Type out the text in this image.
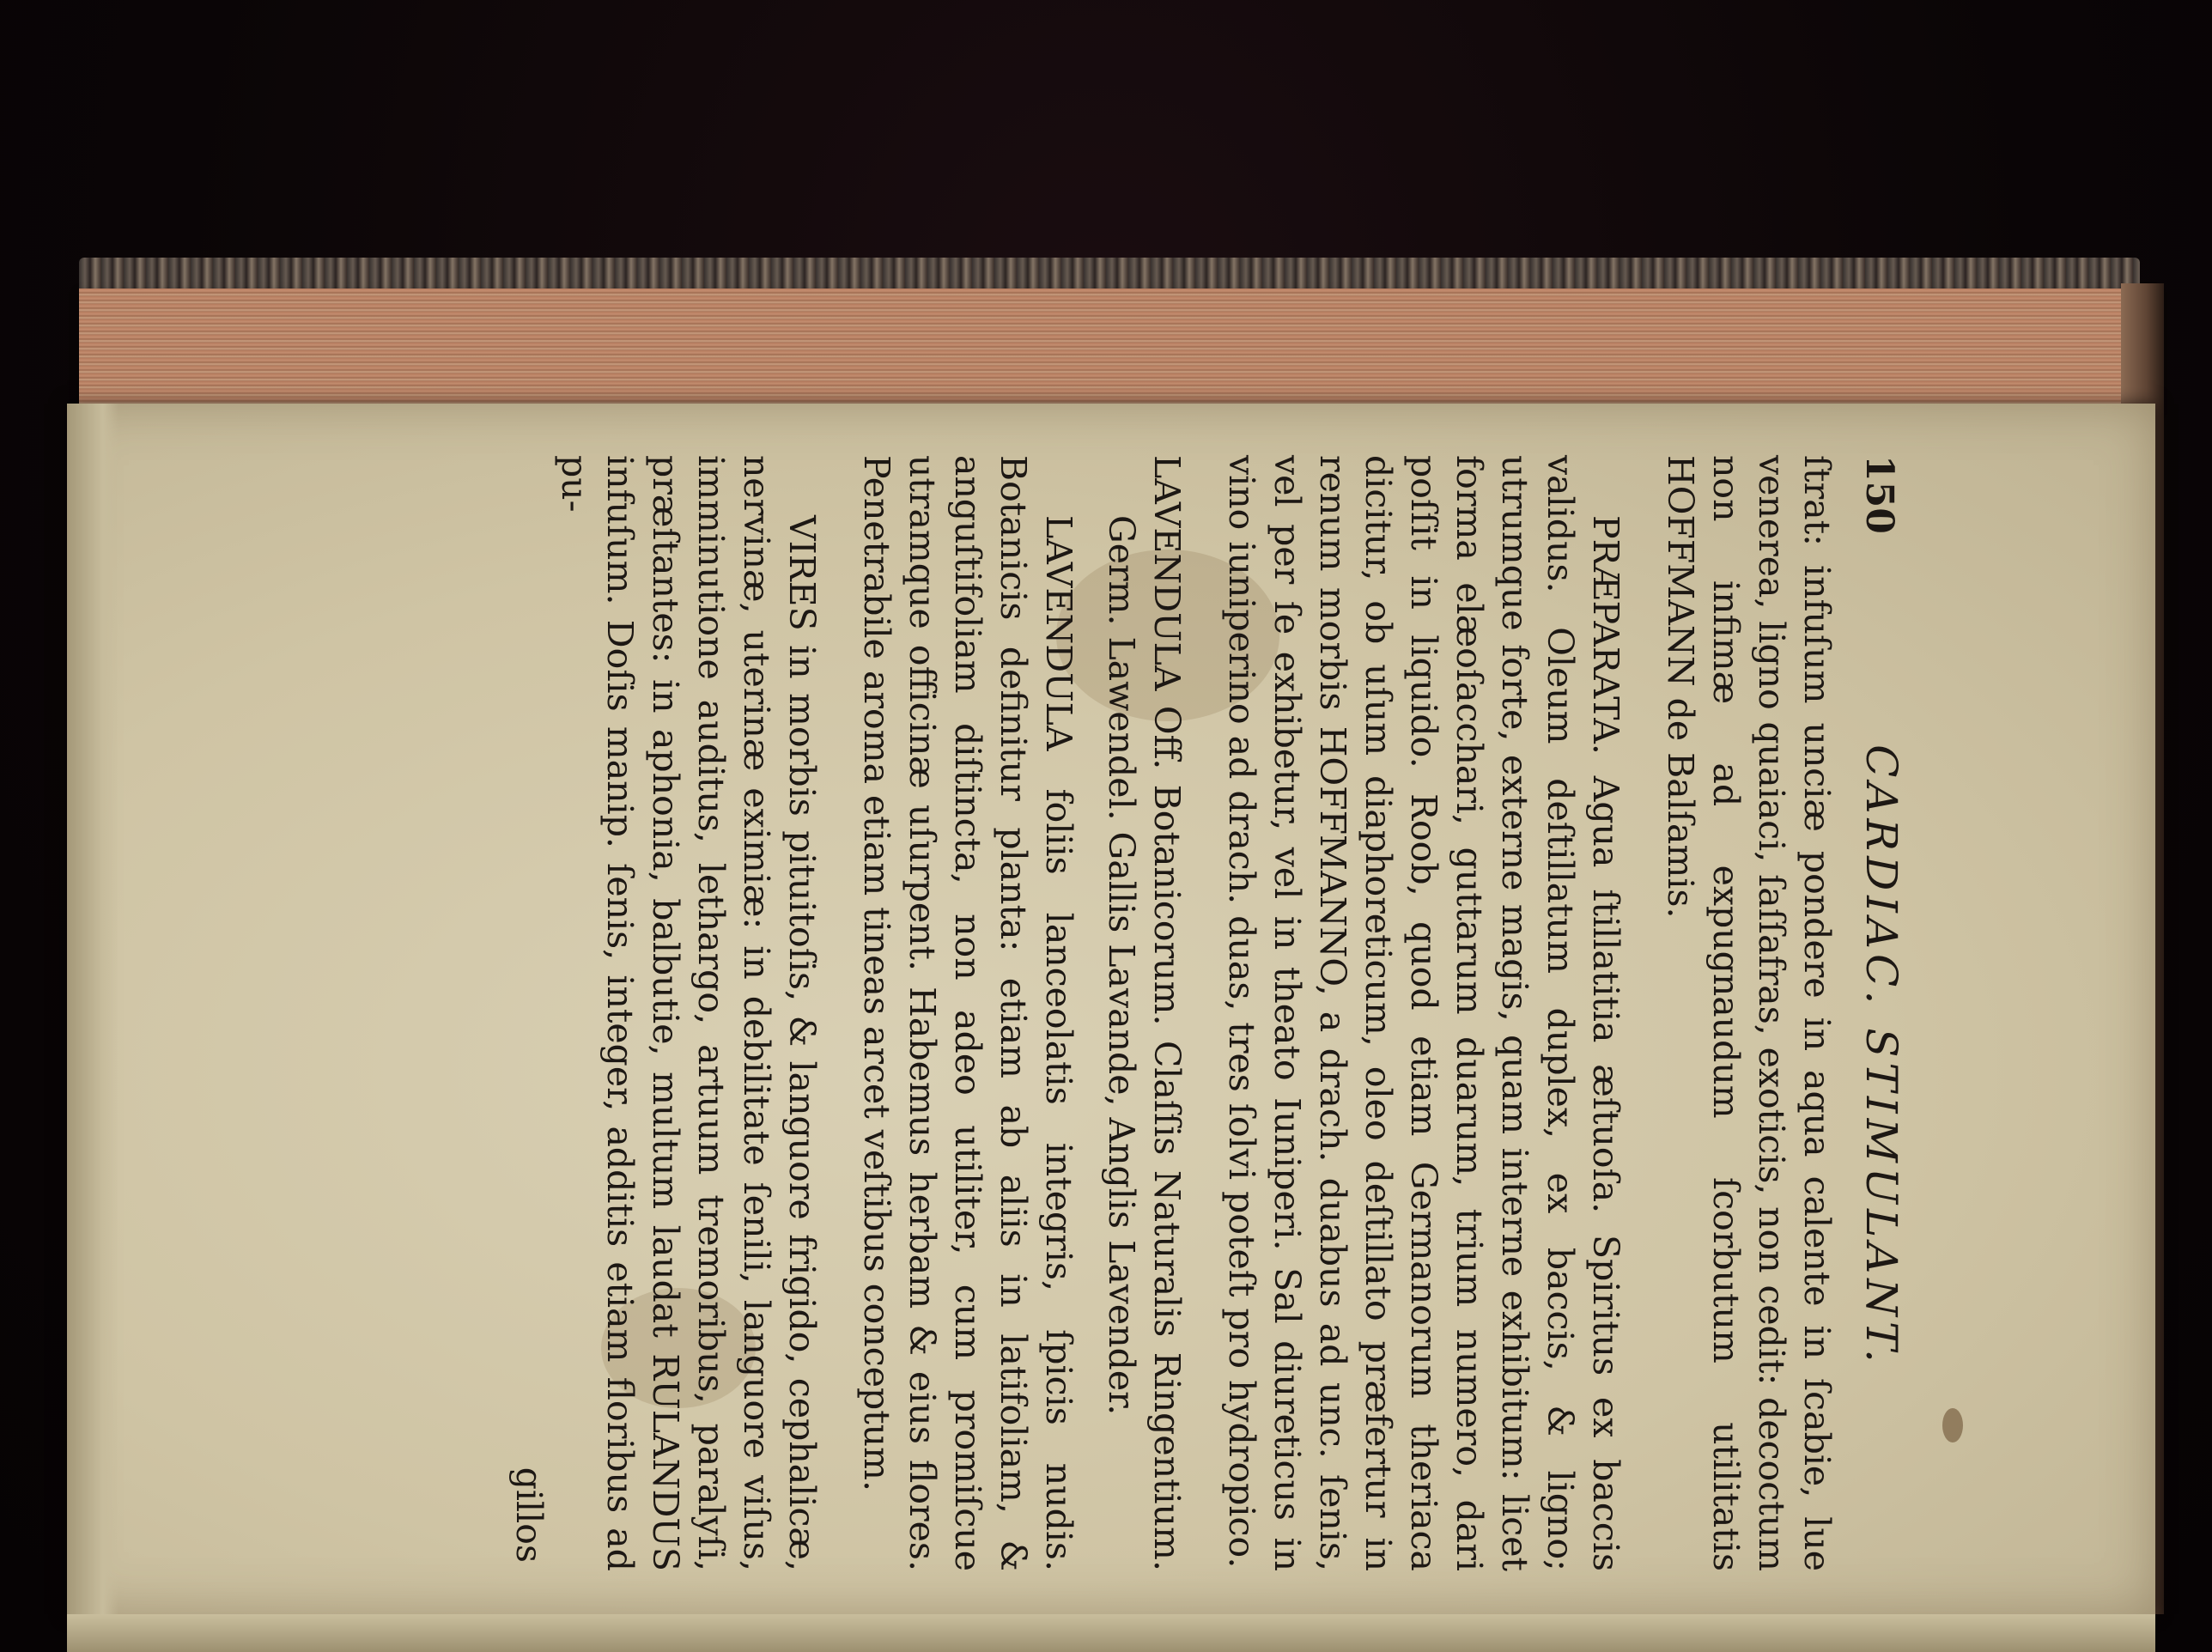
150
CARDIAC. STIMULANT.

ſtrat: infuſum unciæ pondere in aqua calente in ſcabie, lue venerea, ligno quaiaci, ſaſſafras, exoticis, non cedit: decoctum non infimæ ad expugnaudum ſcorbutum utilitatis HOFFMANN de Balſamis.

PRÆPARATA. Agua ſtillatitia æſtuoſa. Spiritus ex baccis validus. Oleum deſtillatum duplex, ex baccis, & ligno; utrumque forte, externe magis, quam interne exhibitum: licet forma elæoſacchari, guttarum duarum, trium numero, dari poſſit in liquido. Roob, quod etiam Germanorum theriaca dicitur, ob uſum diaphoreticum, oleo deſtillato præfertur in renum morbis HOFFMANNO, a drach. duabus ad unc. ſenis, vel per ſe exhibetur, vel in theato Iuniperi. Sal diureticus in vino iuniperino ad drach. duas, tres ſolvi poteſt pro hydropico.

LAVENDULA Off. Botanicorum. Claſſis Naturalis Ringentium. Germ. Lawendel. Gallis Lavande, Anglis Lavender.

LAVENDULA foliis lanceolatis integris, ſpicis nudis. Botanicis definitur planta: etiam ab aliis in latifoliam, & anguſtifoliam diſtincta, non adeo utiliter, cum promiſcue utramque officinæ uſurpent. Habemus herbam & eius flores. Penetrabile aroma etiam tineas arcet veſtibus conceptum.

VIRES in morbis pituitoſis, & languore frigido, cephalicæ, nervinæ, uterinæ eximiæ: in debilitate ſenili, languore viſus, imminutione auditus, lethargo, artuum tremoribus, paralyſi, præſtantes: in aphonia, balbutie, multum laudat RULANDUS infuſum. Doſis manip. ſenis, integer, additis etiam floribus ad pu-

gillos
